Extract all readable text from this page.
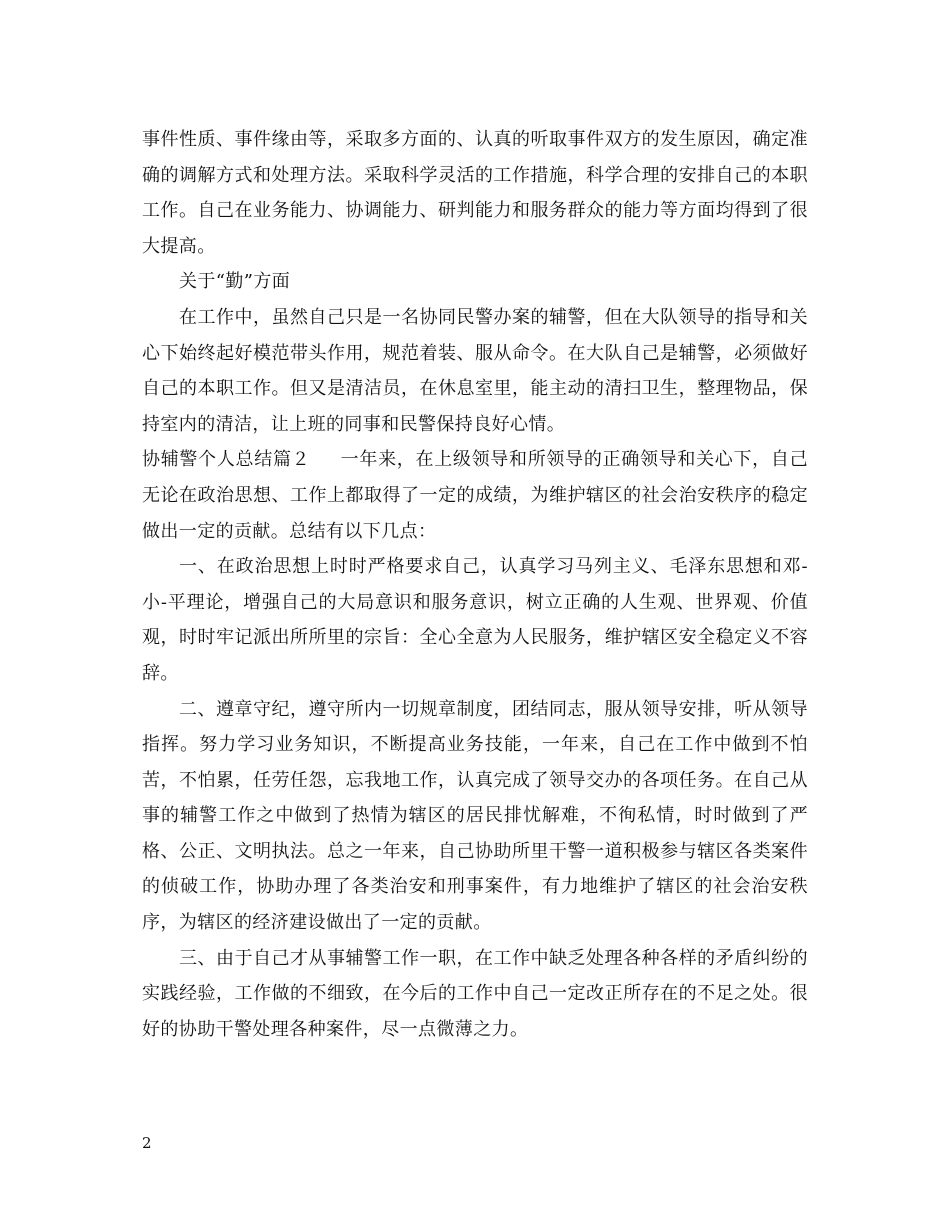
事件性质、事件缘由等，采取多方面的、认真的听取事件双方的发生原因，确定准确的调解方式和处理方法。采取科学灵活的工作措施，科学合理的安排自己的本职工作。自己在业务能力、协调能力、研判能力和服务群众的能力等方面均得到了很大提高。

关于“勤”方面

在工作中，虽然自己只是一名协同民警办案的辅警，但在大队领导的指导和关心下始终起好模范带头作用，规范着装、服从命令。在大队自己是辅警，必须做好自己的本职工作。但又是清洁员，在休息室里，能主动的清扫卫生，整理物品，保持室内的清洁，让上班的同事和民警保持良好心情。

协辅警个人总结篇２ 一年来，在上级领导和所领导的正确领导和关心下，自己无论在政治思想、工作上都取得了一定的成绩，为维护辖区的社会治安秩序的稳定做出一定的贡献。总结有以下几点：

一、在政治思想上时时严格要求自己，认真学习马列主义、毛泽东思想和邓-小-平理论，增强自己的大局意识和服务意识，树立正确的人生观、世界观、价值观，时时牢记派出所所里的宗旨：全心全意为人民服务，维护辖区安全稳定义不容辞。

二、遵章守纪，遵守所内一切规章制度，团结同志，服从领导安排，听从领导指挥。努力学习业务知识，不断提高业务技能，一年来，自己在工作中做到不怕苦，不怕累，任劳任怨，忘我地工作，认真完成了领导交办的各项任务。在自己从事的辅警工作之中做到了热情为辖区的居民排忧解难，不徇私情，时时做到了严格、公正、文明执法。总之一年来，自己协助所里干警一道积极参与辖区各类案件的侦破工作，协助办理了各类治安和刑事案件，有力地维护了辖区的社会治安秩序，为辖区的经济建设做出了一定的贡献。

三、由于自己才从事辅警工作一职，在工作中缺乏处理各种各样的矛盾纠纷的实践经验，工作做的不细致，在今后的工作中自己一定改正所存在的不足之处。很好的协助干警处理各种案件，尽一点微薄之力。

2
